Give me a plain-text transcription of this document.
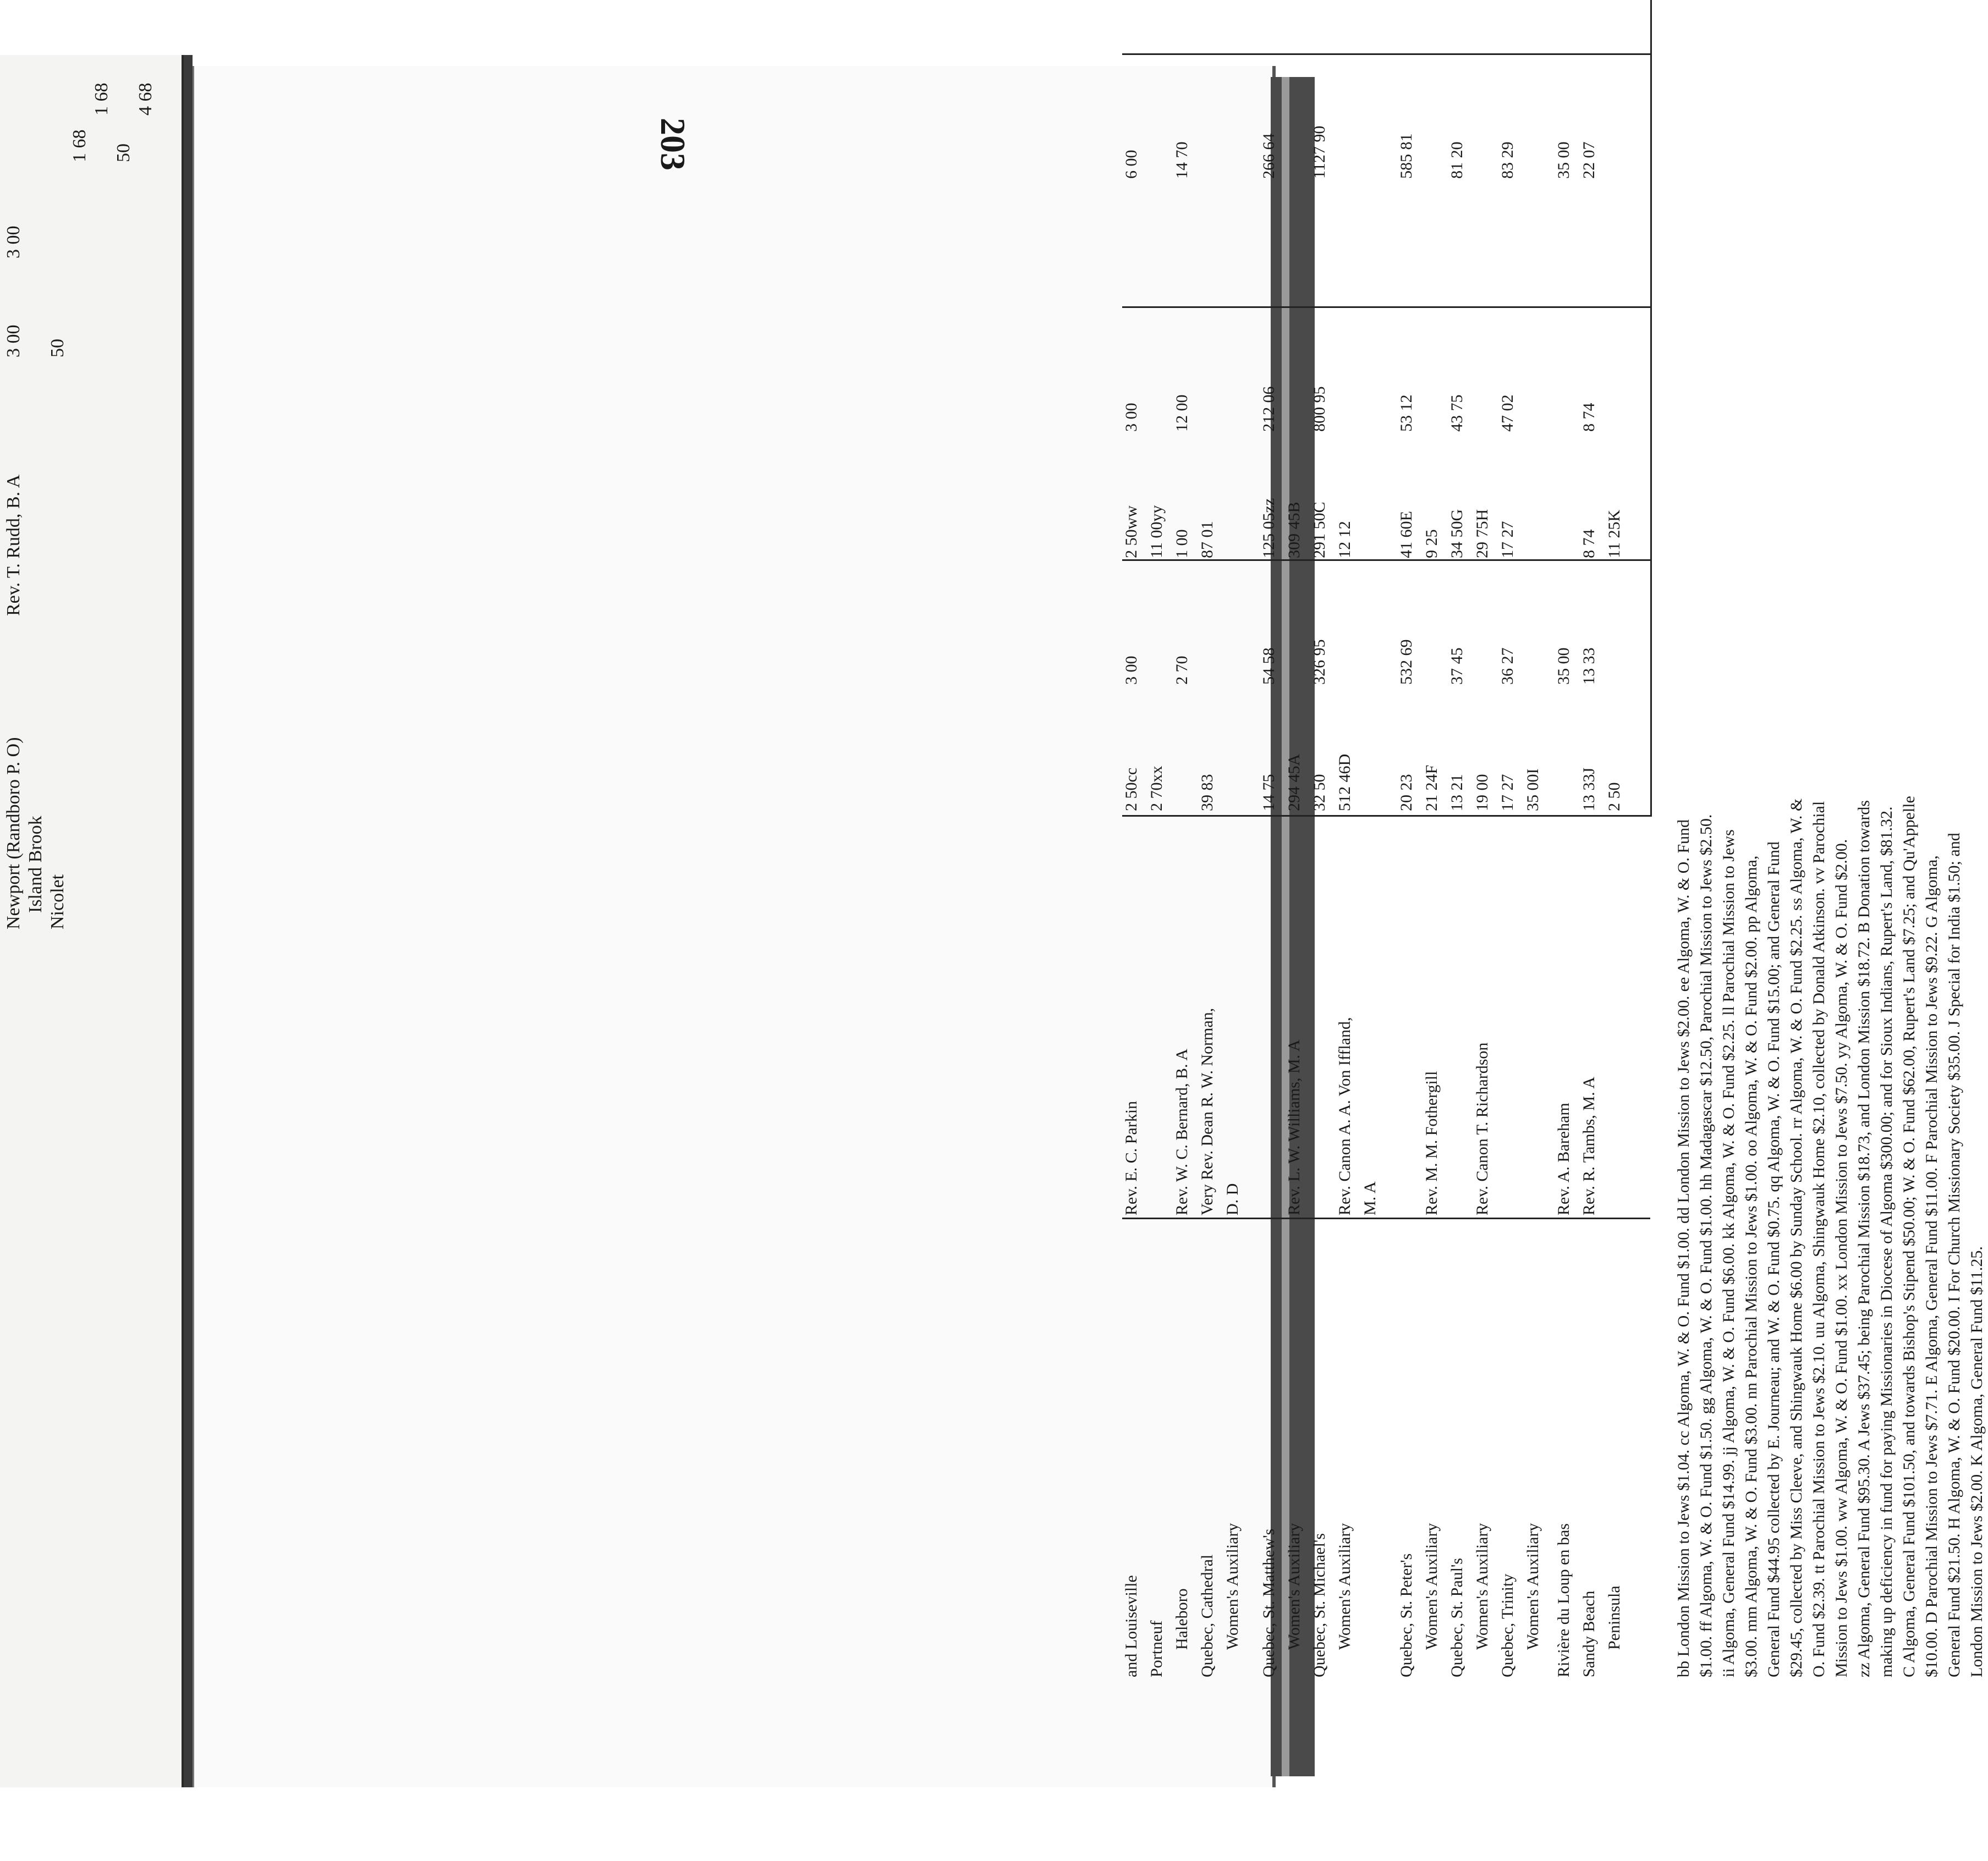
Newport (Randboro P. O) Island Brook Nicolet
Rev. T. Rudd, B. A
3 00 50
3 00
1 68 50
1 68 4 68
203
and Louiseville
Rev. E. C. Parkin
2 50cc
3 00
2 50ww
3 00
6 00
Portneuf
2 70xx
11 00yy
Haleboro
Rev. W. C. Bernard, B. A
2 70
1 00
12 00
14 70
Quebec, Cathedral
Very Rev. Dean R. W. Norman,
39 83
87 01
Women's Auxiliary
D. D
Quebec, St. Matthew's
14 75
54 58
125 05zz
212 06
266 64
Women's Auxiliary
Rev. L. W. Williams, M. A
294 45A
309 45B
Quebec, St. Michael's
32 50
326 95
291 50C
800 95
1127 90
Women's Auxiliary
Rev. Canon A. A. Von Iffland,
512 46D
12 12
M. A
Quebec, St. Peter's
20 23
532 69
41 60E
53 12
585 81
Women's Auxiliary
Rev. M. M. Fothergill
21 24F
9 25
Quebec, St. Paul's
13 21
37 45
34 50G
43 75
81 20
Women's Auxiliary
Rev. Canon T. Richardson
19 00
29 75H
Quebec, Trinity
17 27
36 27
17 27
47 02
83 29
Women's Auxiliary
35 00I
Rivière du Loup en bas
Rev. A. Bareham
35 00
35 00
Sandy Beach
Rev. R. Tambs, M. A
13 33J
13 33
8 74
8 74
22 07
Peninsula
2 50
11 25K
bb London Mission to Jews $1.04. cc Algoma, W. & O. Fund $1.00. dd London Mission to Jews $2.00. ee Algoma, W. & O. Fund $1.00. ff Algoma, W. & O. Fund $1.50. gg Algoma, W. & O. Fund $1.00. hh Madagascar $12.50, Parochial Mission to Jews $2.50. ii Algoma, General Fund $14.99. jj Algoma, W. & O. Fund $6.00. kk Algoma, W. & O. Fund $2.25. ll Parochial Mission to Jews $3.00. mm Algoma, W. & O. Fund $3.00. nn Parochial Mission to Jews $1.00. oo Algoma, W. & O. Fund $2.00. pp Algoma, General Fund $44.95 collected by E. Journeau; and W. & O. Fund $0.75. qq Algoma, W. & O. Fund $15.00; and General Fund $29.45, collected by Miss Cleeve, and Shingwauk Home $6.00 by Sunday School. rr Algoma, W. & O. Fund $2.25. ss Algoma, W. & O. Fund $2.39. tt Parochial Mission to Jews $2.10. uu Algoma, Shingwauk Home $2.10, collected by Donald Atkinson. vv Parochial Mission to Jews $1.00. ww Algoma, W. & O. Fund $1.00. xx London Mission to Jews $7.50. yy Algoma, W. & O. Fund $2.00. zz Algoma, General Fund $95.30. A Jews $37.45; being Parochial Mission $18.73, and London Mission $18.72. B Donation towards making up deficiency in fund for paying Missionaries in Diocese of Algoma $300.00; and for Sioux Indians, Rupert's Land, $81.32. C Algoma, General Fund $101.50, and towards Bishop's Stipend $50.00; W. & O. Fund $62.00, Rupert's Land $7.25; and Qu'Appelle $10.00. D Parochial Mission to Jews $7.71. E Algoma, General Fund $11.00. F Parochial Mission to Jews $9.22. G Algoma, General Fund $21.50. H Algoma, W. & O. Fund $20.00. I For Church Missionary Society $35.00. J Special for India $1.50; and London Mission to Jews $2.00. K Algoma, General Fund $11.25.
